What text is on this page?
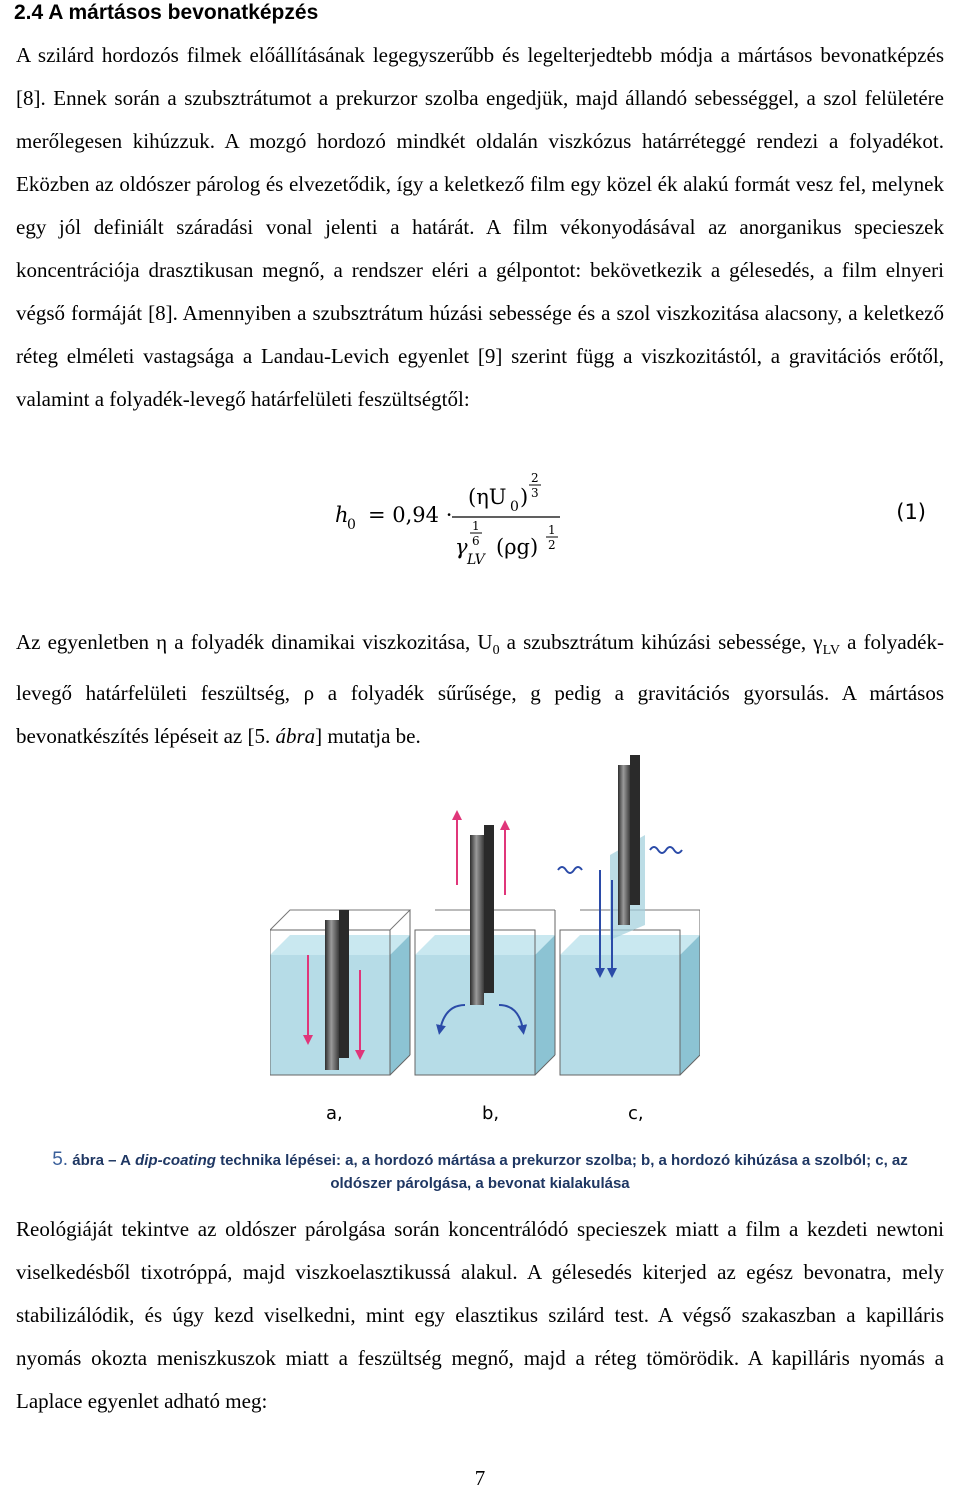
2.4 A mártásos bevonatképzés

A szilárd hordozós filmek előállításának legegyszerűbb és legelterjedtebb módja a mártásos bevonatképzés [8]. Ennek során a szubsztrátumot a prekurzor szolba engedjük, majd állandó sebességgel, a szol felületére merőlegesen kihúzzuk. A mozgó hordozó mindkét oldalán viszkózus határréteggé rendezi a folyadékot. Eközben az oldószer párolog és elvezetődik, így a keletkező film egy közel ék alakú formát vesz fel, melynek egy jól definiált száradási vonal jelenti a határát. A film vékonyodásával az anorganikus specieszek koncentrációja drasztikusan megnő, a rendszer eléri a gélpontot: bekövetkezik a gélesedés, a film elnyeri végső formáját [8]. Amennyiben a szubsztrátum húzási sebessége és a szol viszkozitása alacsony, a keletkező réteg elméleti vastagsága a Landau-Levich egyenlet [9] szerint függ a viszkozitástól, a gravitációs erőtől, valamint a folyadék-levegő határfelületi feszültségtől:

h
0 = 0,94 ·
(ηU 0 )
2
3
1
6
γ
LV
(ρg)
1
2
(1)

Az egyenletben η a folyadék dinamikai viszkozitása, $U_0$ a szubsztrátum kihúzási sebessége, $\gamma_{LV}$ a folyadék-levegő határfelületi feszültség, ρ a folyadék sűrűsége, g pedig a gravitációs gyorsulás. A mártásos bevonatkészítés lépéseit az [5. ábra] mutatja be.

a,	b,	c,
5. ábra – A dip-coating technika lépései: a, a hordozó mártása a prekurzor szolba; b, a hordozó kihúzása a szolból; c, az
oldószer párolgása, a bevonat kialakulása

Reológiáját tekintve az oldószer párolgása során koncentrálódó specieszek miatt a film a kezdeti newtoni viselkedésből tixotróppá, majd viszkoelasztikussá alakul. A gélesedés kiterjed az egész bevonatra, mely stabilizálódik, és úgy kezd viselkedni, mint egy elasztikus szilárd test. A végső szakaszban a kapilláris nyomás okozta meniszkuszok miatt a feszültség megnő, majd a réteg tömörödik. A kapilláris nyomás a Laplace egyenlet adható meg:

7
